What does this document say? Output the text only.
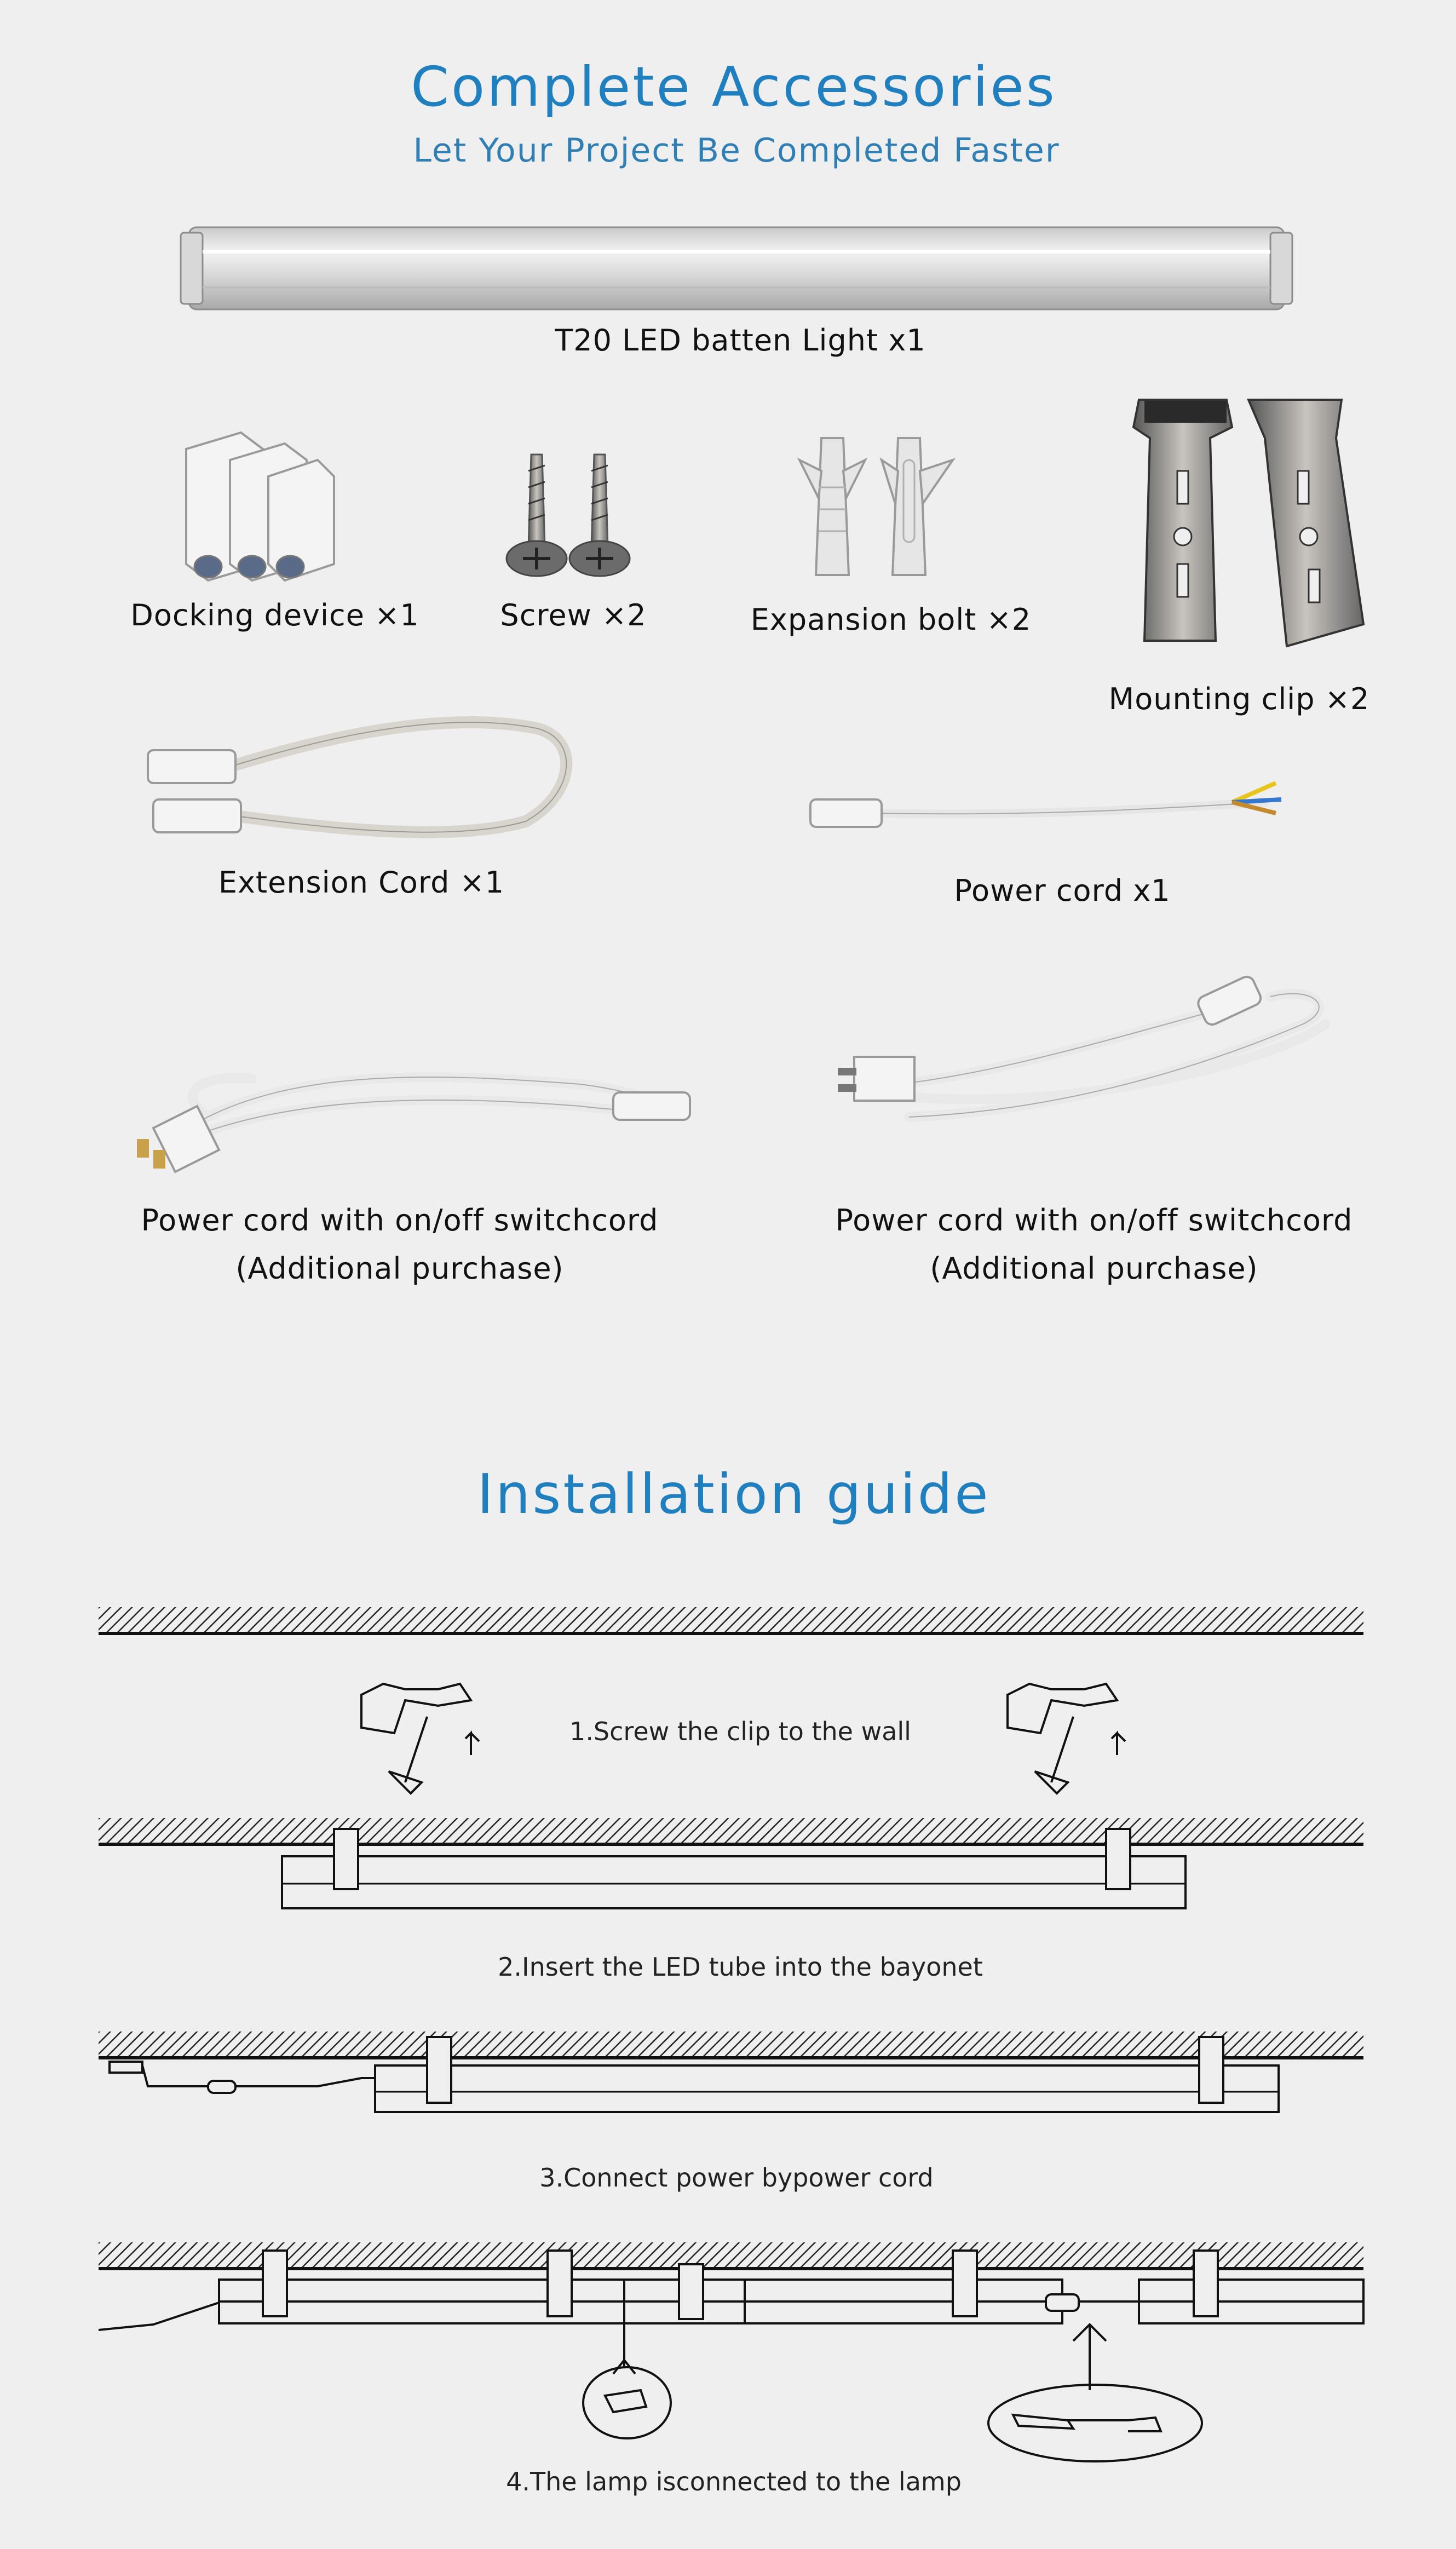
Complete Accessories
Let Your Project Be Completed Faster
T20 LED batten Light x1
Docking device ×1	Screw ×2	Expansion bolt ×2
Mounting clip ×2
Extension Cord ×1	Power cord x1
Power cord with on/off switchcord
(Additional purchase)
Power cord with on/off switchcord
(Additional purchase)
Installation guide
1.Screw the clip to the wall
2.Insert the LED tube into the bayonet
3.Connect power bypower cord
4.The lamp isconnected to the lamp
